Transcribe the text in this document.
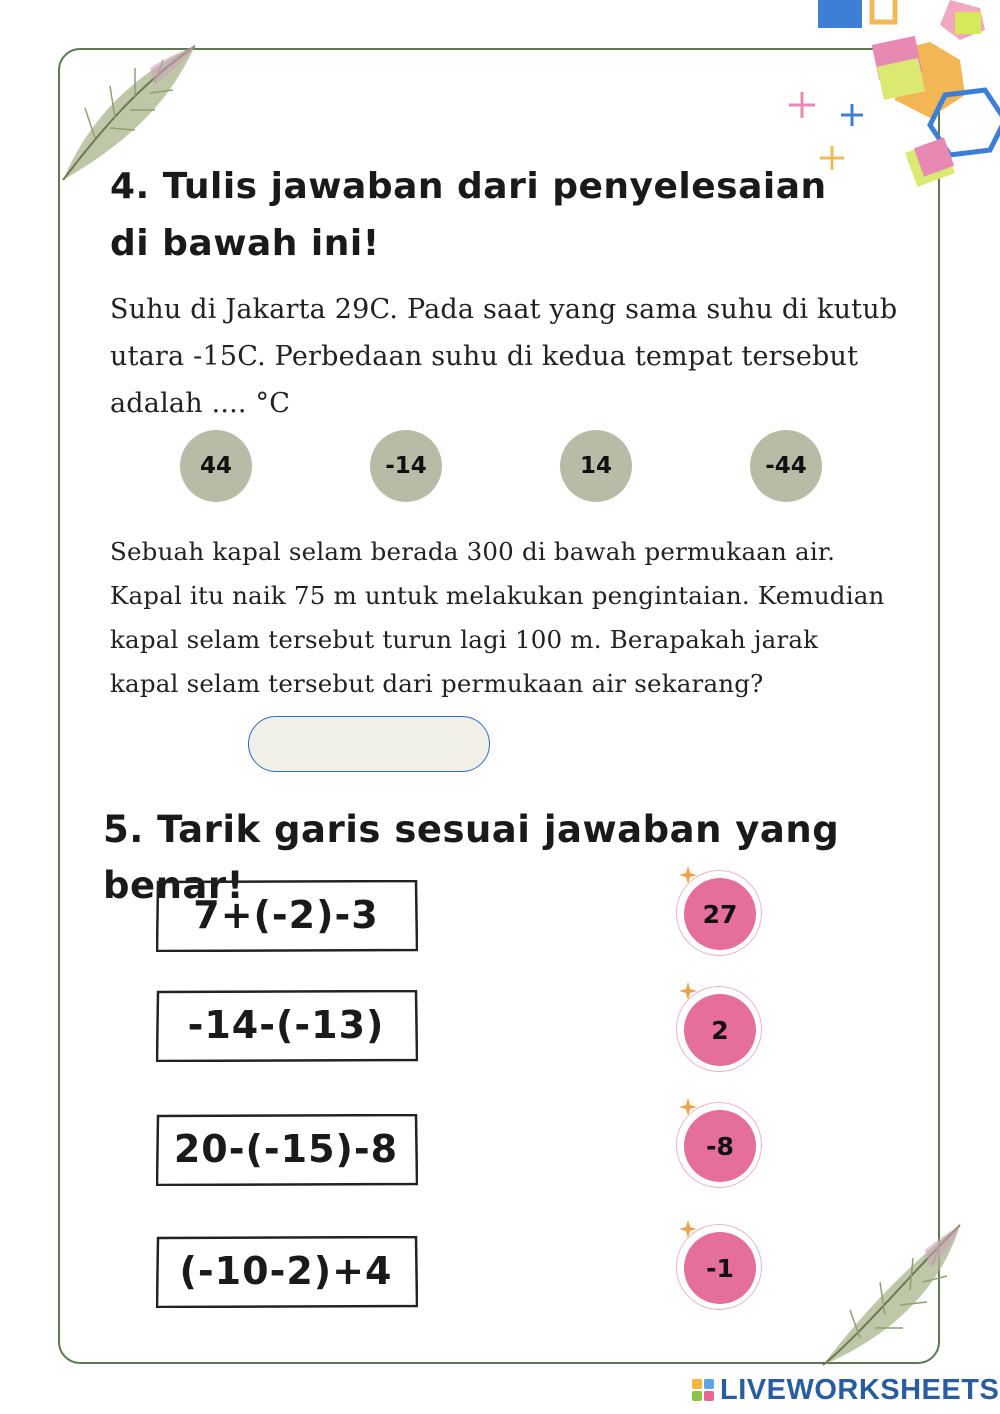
4. Tulis jawaban dari penyelesaian di bawah ini!
Suhu di Jakarta 29C. Pada saat yang sama suhu di kutub utara -15C. Perbedaan suhu di kedua tempat tersebut adalah .... °C
44	-14	14	-44
Sebuah kapal selam berada 300 di bawah permukaan air. Kapal itu naik 75 m untuk melakukan pengintaian. Kemudian kapal selam tersebut turun lagi 100 m. Berapakah jarak kapal selam tersebut dari permukaan air sekarang?
5. Tarik garis sesuai jawaban yang benar!
7+(-2)-3
-14-(-13)
20-(-15)-8
(-10-2)+4
27
2
-8
-1
LIVEWORKSHEETS
